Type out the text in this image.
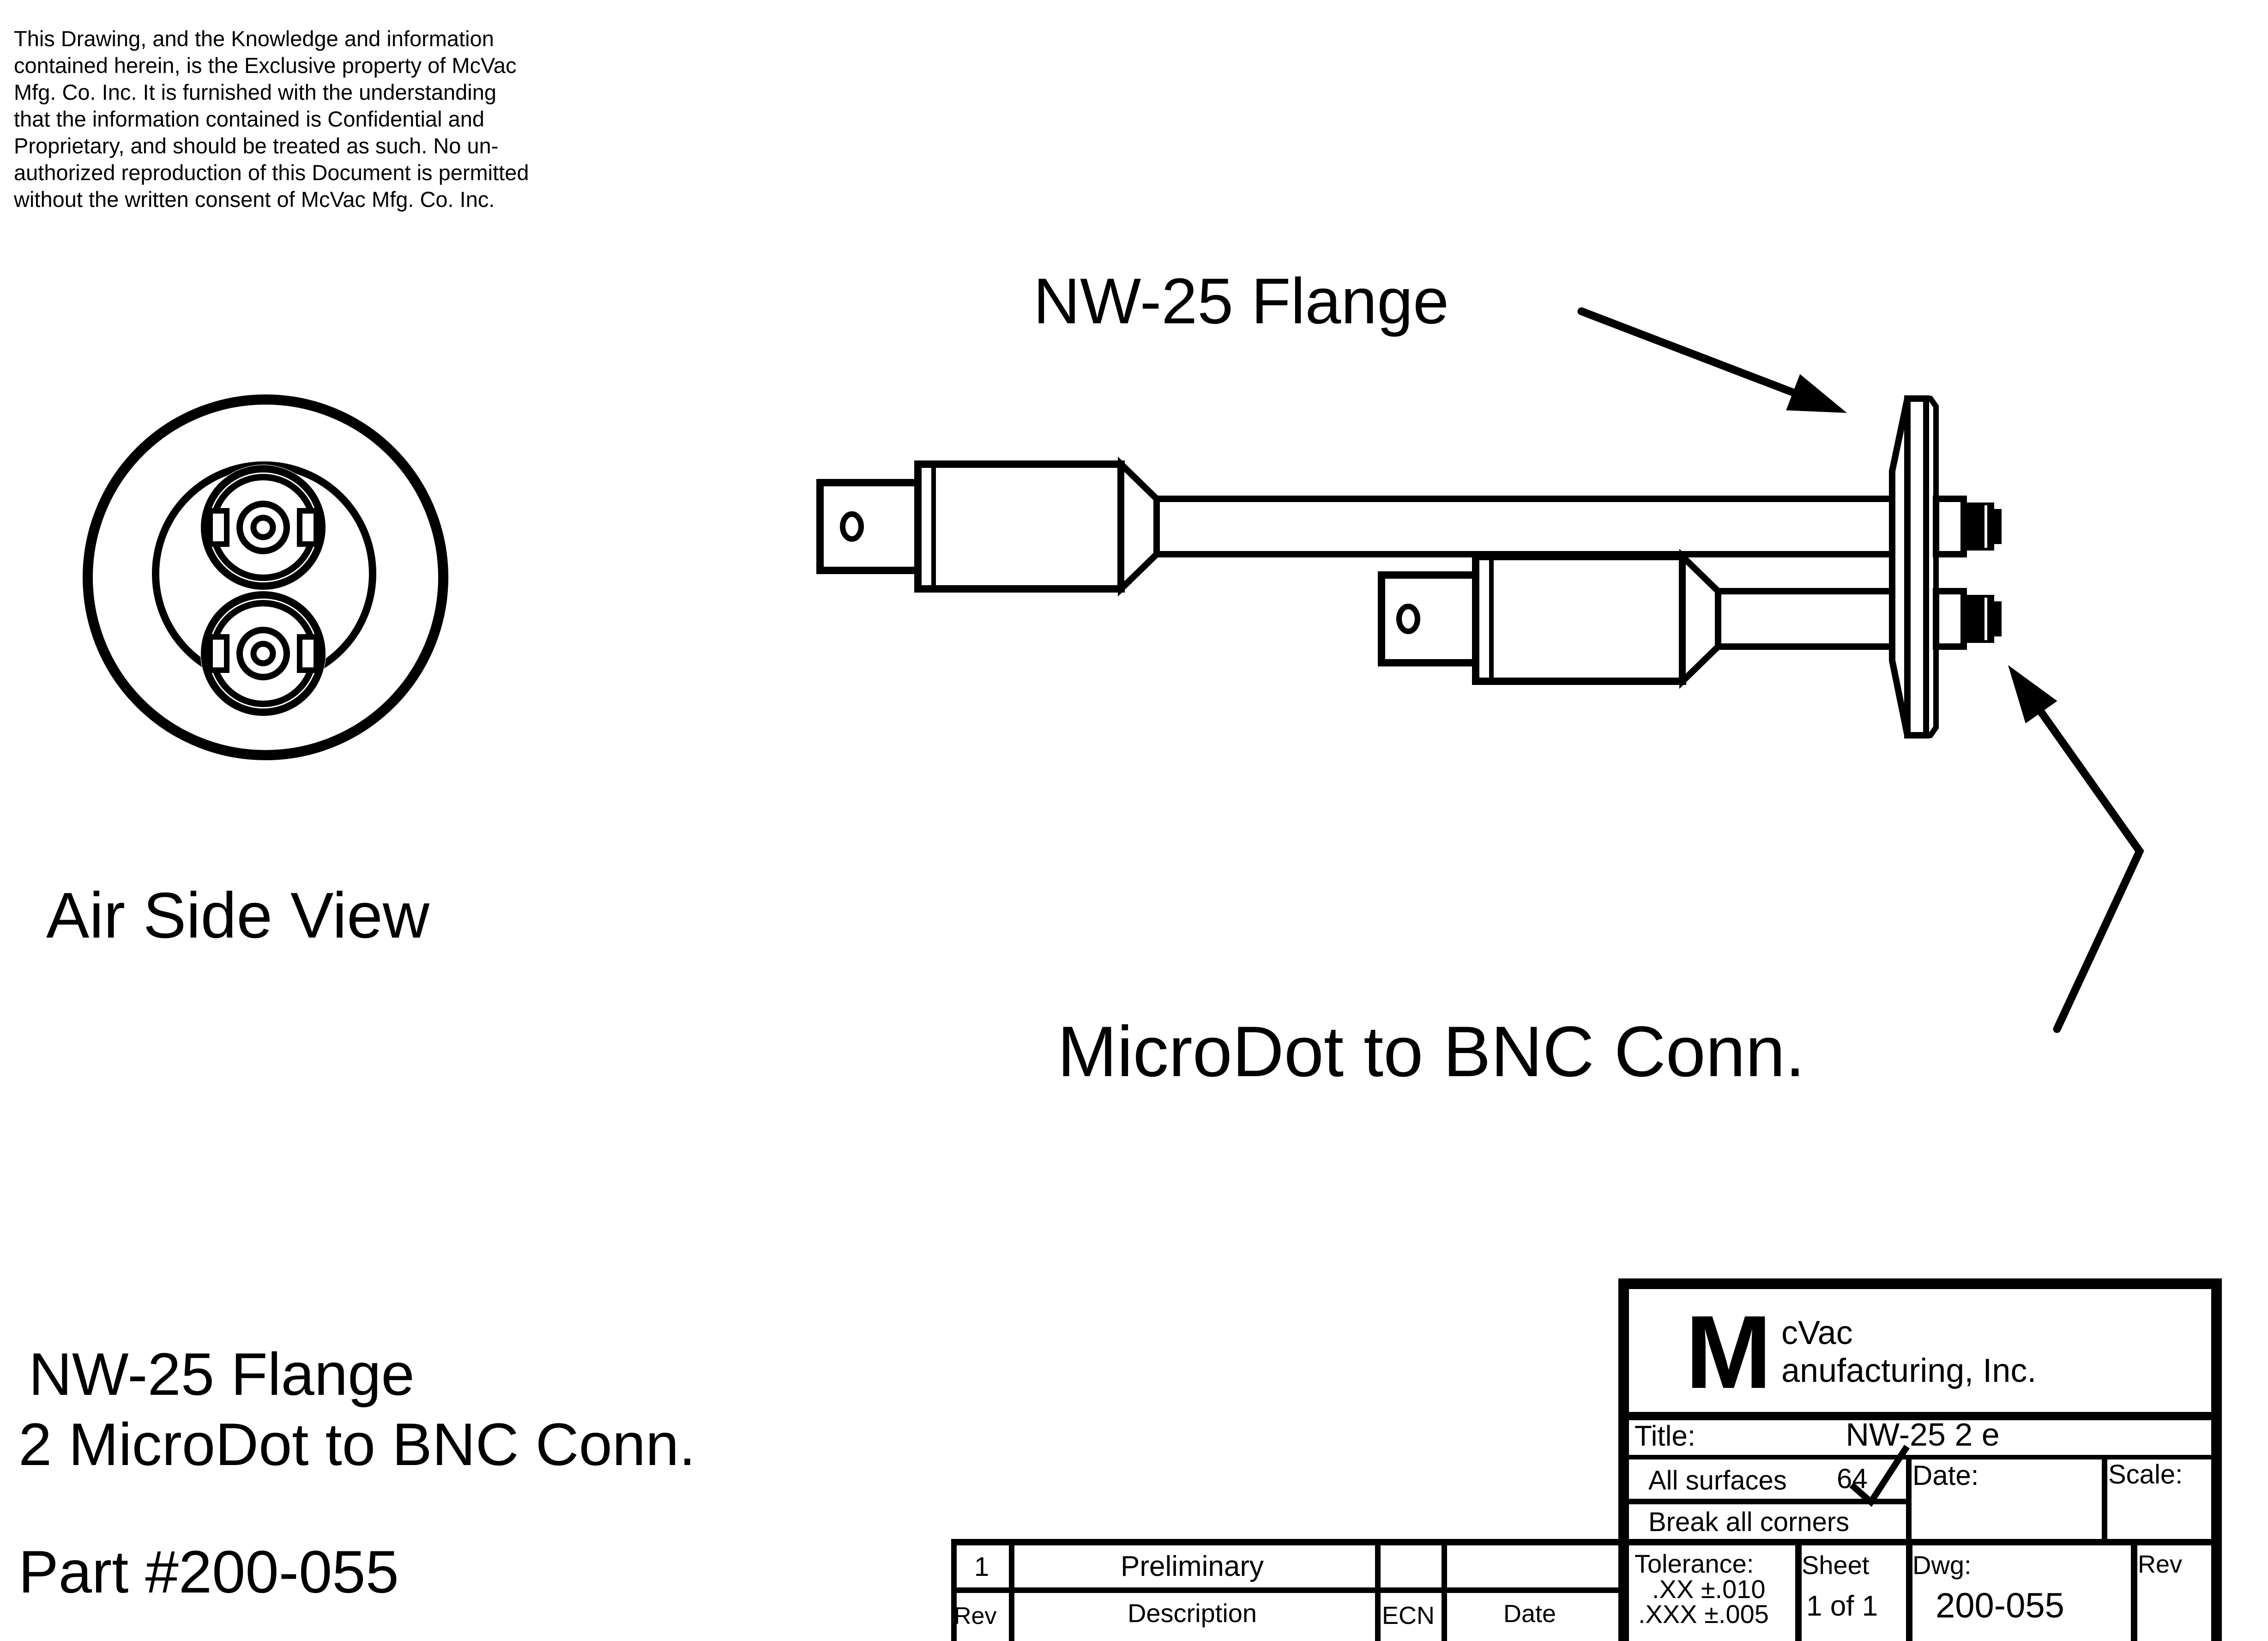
This Drawing, and the Knowledge and information
contained herein, is the Exclusive property of McVac
Mfg. Co. Inc. It is furnished with the understanding
that the information contained is Confidential and
Proprietary, and should be treated as such. No un-
authorized reproduction of this Document is permitted
without the written consent of McVac Mfg. Co. Inc.
Air Side View
NW-25 Flange
MicroDot to BNC Conn.
NW-25 Flange
2 MicroDot to BNC Conn.
Part #200-055	1	Preliminary
Rev	Description	ECN	Date
M cVac
anufacturing, Inc.
Title:	NW-25 2 e
All surfaces 64
Break all corners
Date:	Scale:
Tolerance:
.XX ±.010
.XXX ±.005
Sheet
1 of 1
Dwg:
200-055
Rev
